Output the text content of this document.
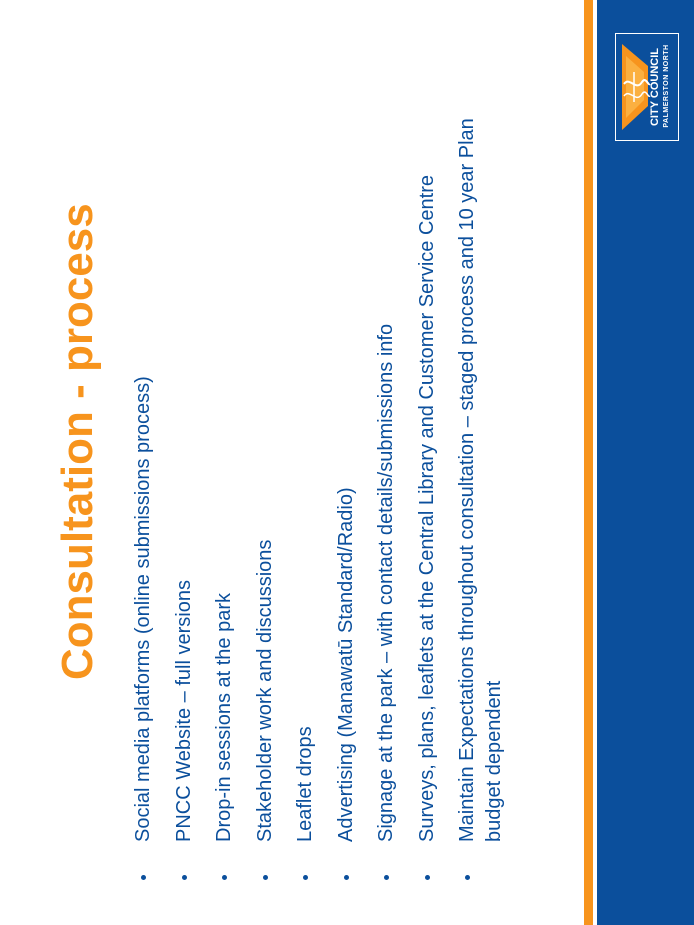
PALMERSTON NORTH
CITY COUNCIL
Consultation - process Social media platforms (online submissions process) PNCC Website – full versions Drop-in sessions at the park Stakeholder work and discussions Leaflet drops Advertising (Manawatū Standard/Radio) Signage at the park – with contact details/submissions info Surveys, plans, leaflets at the Central Library and Customer Service Centre Maintain Expectations throughout consultation – staged process and 10 year Plan budget dependent
